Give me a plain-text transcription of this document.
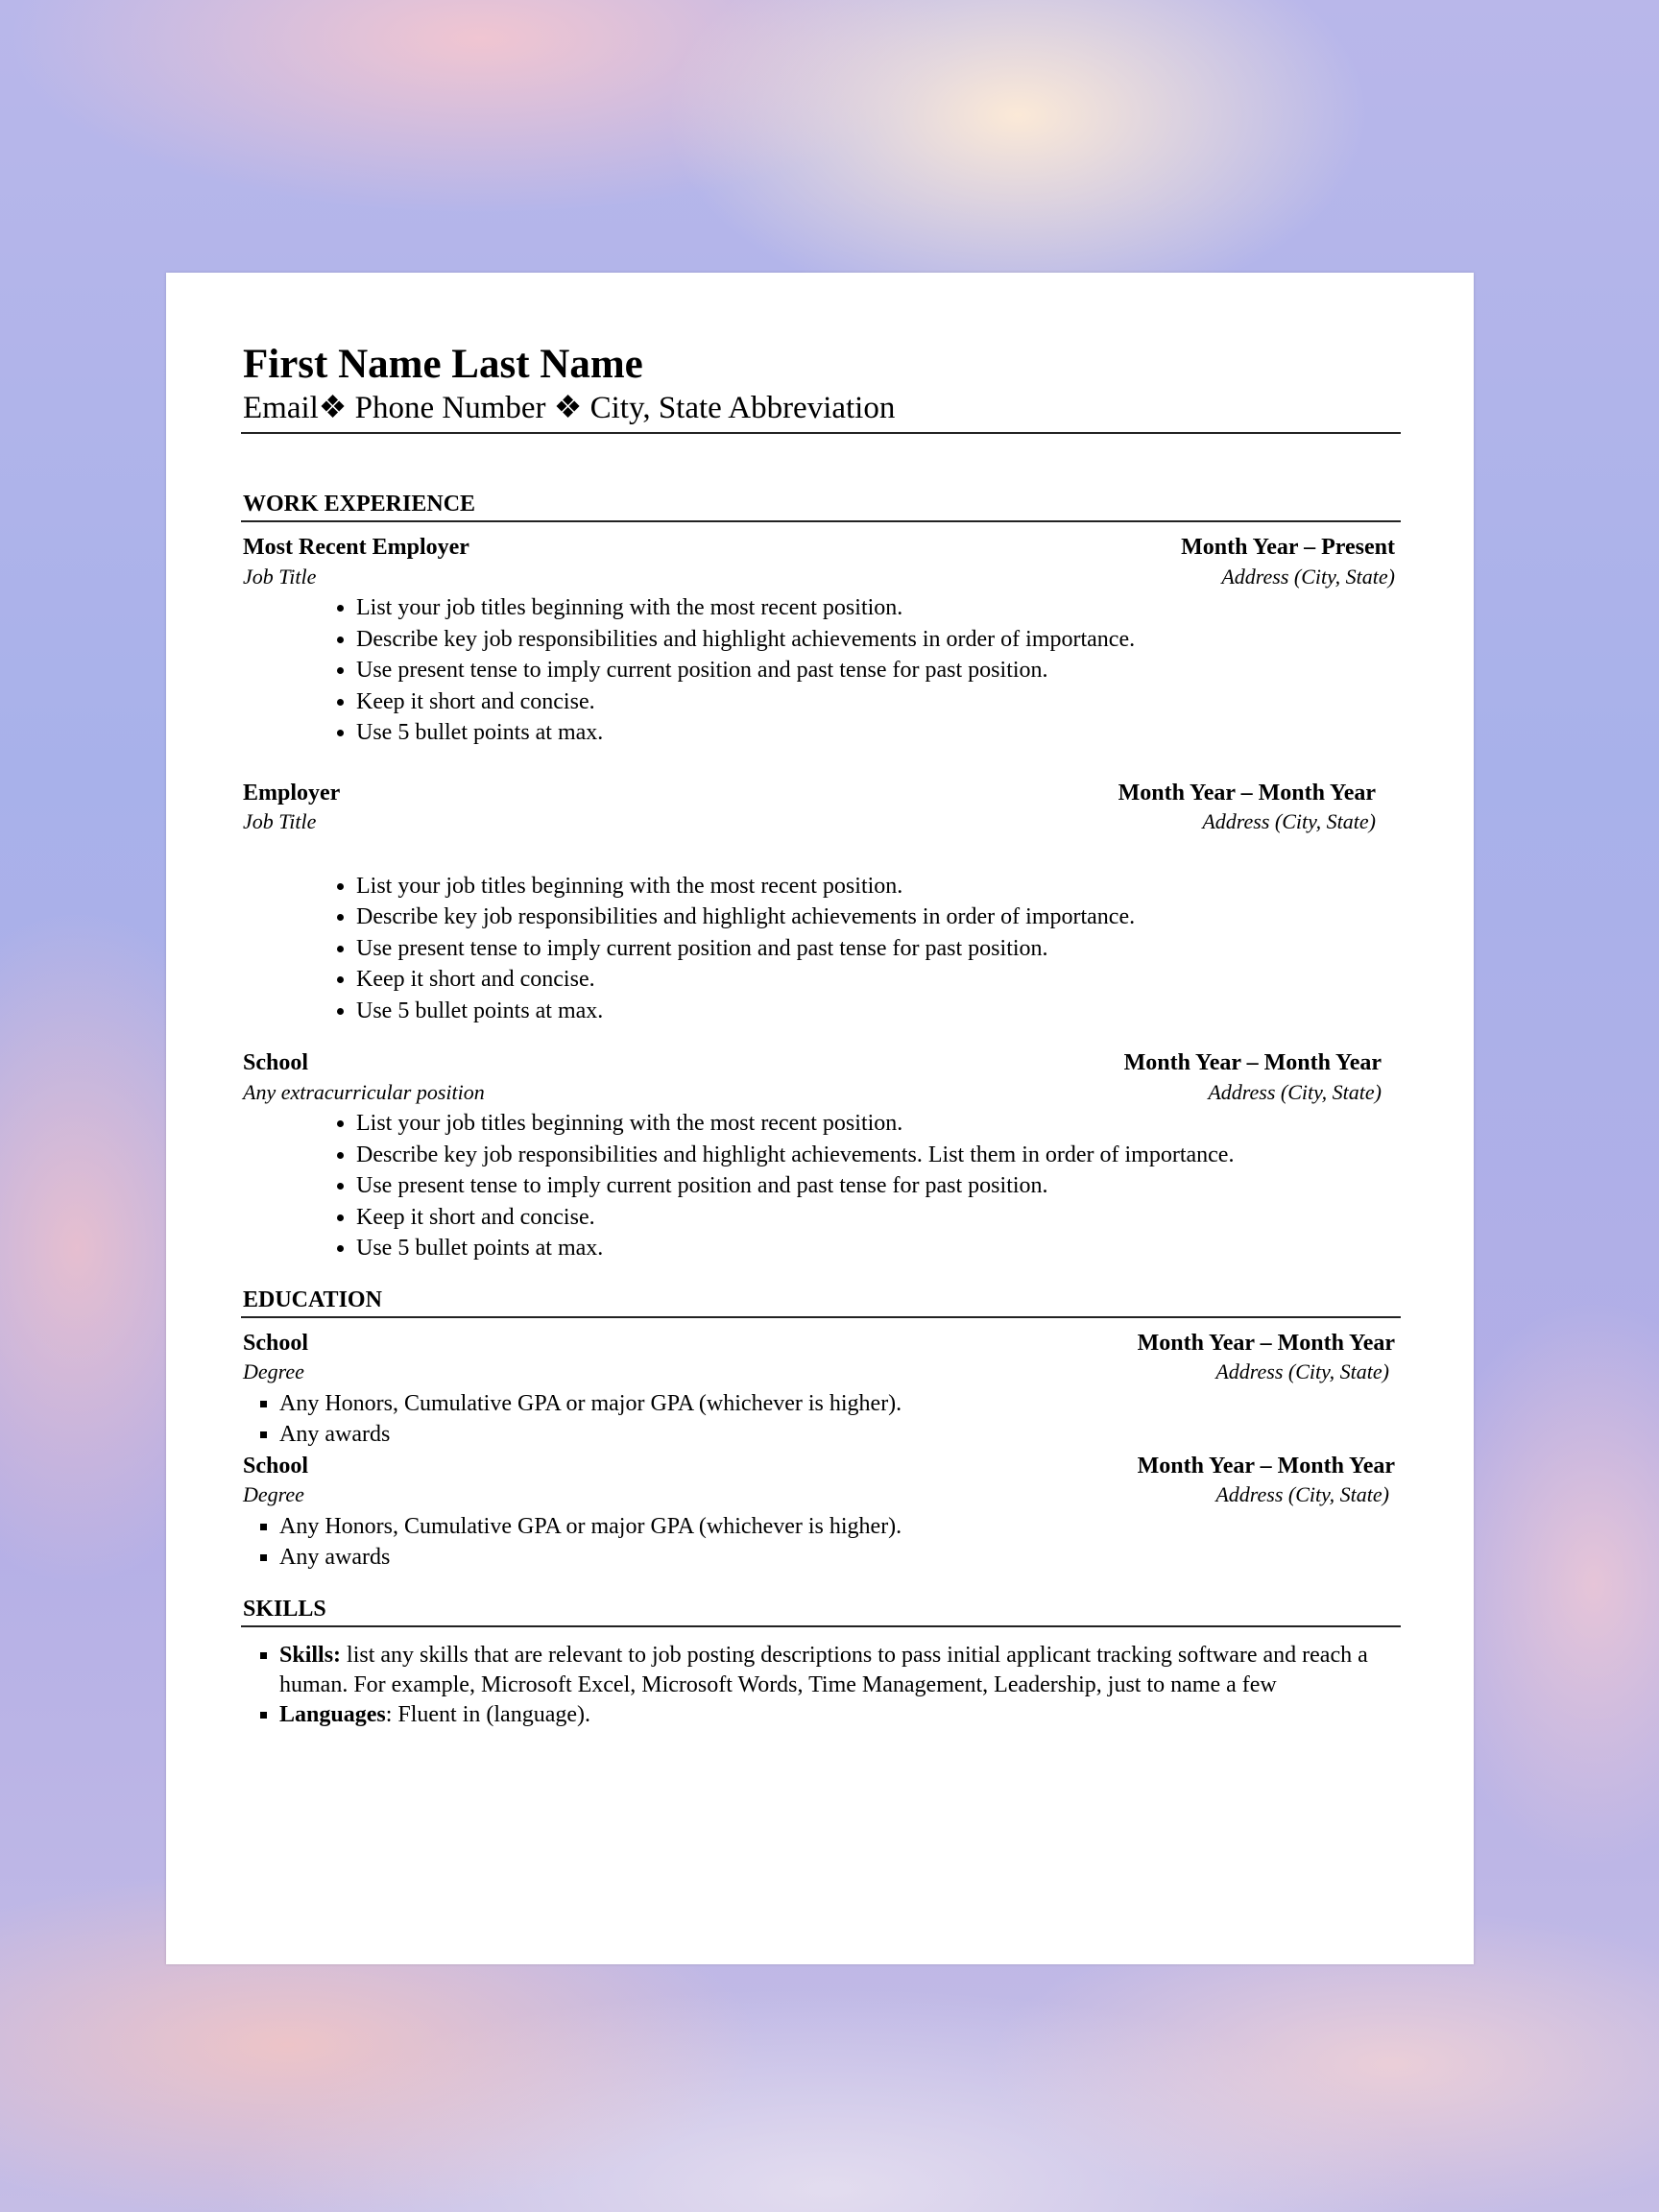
First Name Last Name
Email❖ Phone Number ❖ City, State Abbreviation
WORK EXPERIENCE
Most Recent Employer	Month Year – Present
Job Title	Address (City, State)
• List your job titles beginning with the most recent position.
• Describe key job responsibilities and highlight achievements in order of importance.
• Use present tense to imply current position and past tense for past position.
• Keep it short and concise.
• Use 5 bullet points at max.
Employer	Month Year – Month Year
Job Title	Address (City, State)
• List your job titles beginning with the most recent position.
• Describe key job responsibilities and highlight achievements in order of importance.
• Use present tense to imply current position and past tense for past position.
• Keep it short and concise.
• Use 5 bullet points at max.
School	Month Year – Month Year
Any extracurricular position	Address (City, State)
• List your job titles beginning with the most recent position.
• Describe key job responsibilities and highlight achievements. List them in order of importance.
• Use present tense to imply current position and past tense for past position.
• Keep it short and concise.
• Use 5 bullet points at max.
EDUCATION
School	Month Year – Month Year
Degree	Address (City, State)
▪ Any Honors, Cumulative GPA or major GPA (whichever is higher).
▪ Any awards
School	Month Year – Month Year
Degree	Address (City, State)
▪ Any Honors, Cumulative GPA or major GPA (whichever is higher).
▪ Any awards
SKILLS
▪ Skills: list any skills that are relevant to job posting descriptions to pass initial applicant tracking software and reach a human. For example, Microsoft Excel, Microsoft Words, Time Management, Leadership, just to name a few
▪ Languages: Fluent in (language).
